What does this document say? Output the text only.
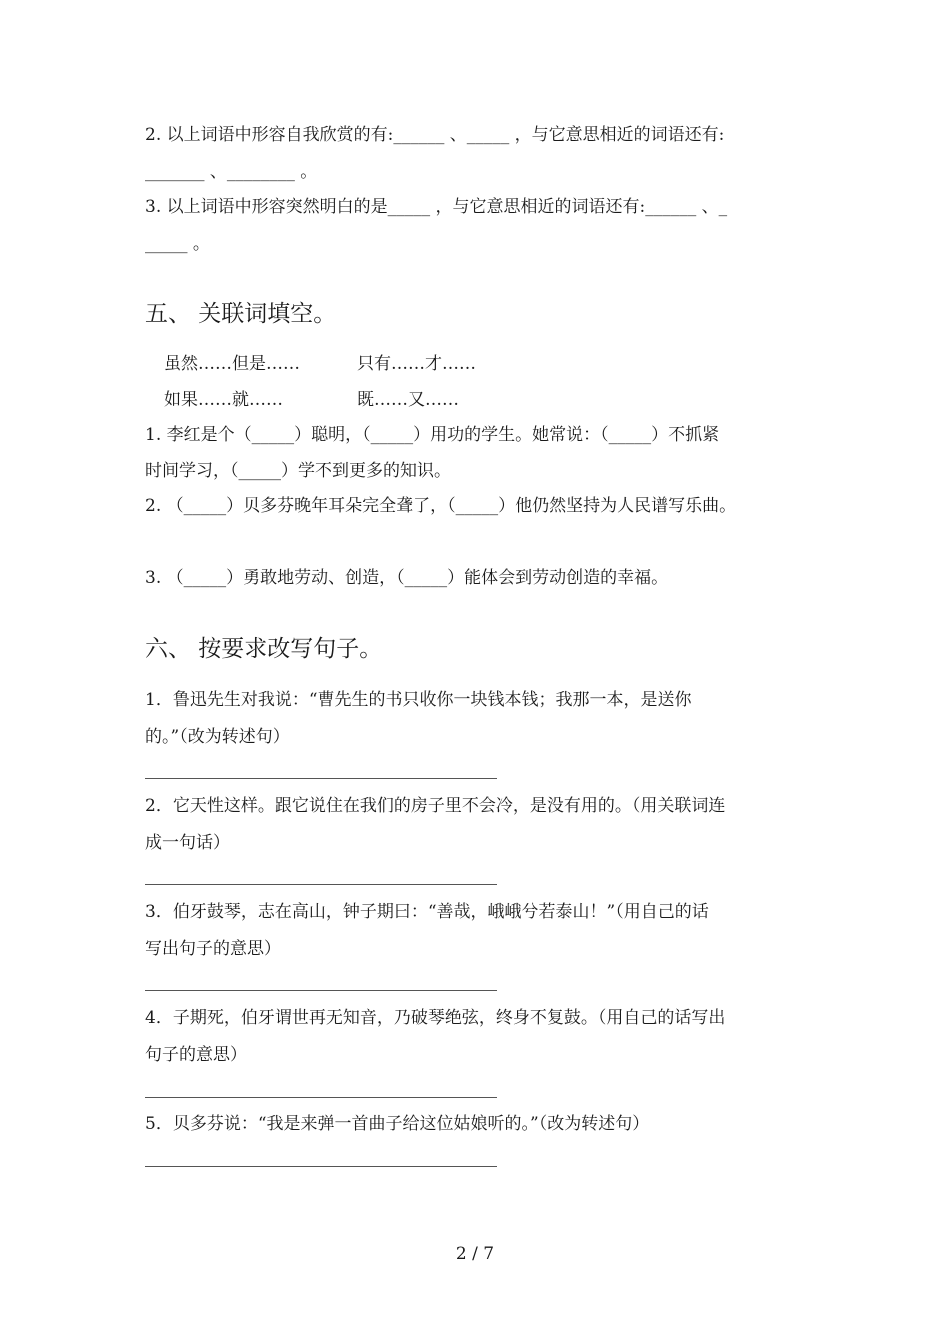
2. 以上词语中形容自我欣赏的有:______ 、_____ ，与它意思相近的词语还有:
_______ 、________ 。
3. 以上词语中形容突然明白的是_____ ，与它意思相近的词语还有:______ 、_
_____ 。
五、 关联词填空。
虽然……但是……	只有……才……
如果……就……	既……又……
1. 李红是个（_____）聪明，（_____）用功的学生。她常说：（_____）不抓紧
时间学习，（_____）学不到更多的知识。
2. （_____）贝多芬晚年耳朵完全聋了，（_____）他仍然坚持为人民谱写乐曲。
3. （_____）勇敢地劳动、创造，（_____）能体会到劳动创造的幸福。
六、 按要求改写句子。
1．鲁迅先生对我说：“曹先生的书只收你一块钱本钱；我那一本，是送你
的。”（改为转述句）
2．它天性这样。跟它说住在我们的房子里不会冷，是没有用的。（用关联词连
成一句话）
3．伯牙鼓琴，志在高山，钟子期曰：“善哉，峨峨兮若泰山！”（用自己的话
写出句子的意思）
4．子期死，伯牙谓世再无知音，乃破琴绝弦，终身不复鼓。（用自己的话写出
句子的意思）
5．贝多芬说：“我是来弹一首曲子给这位姑娘听的。”（改为转述句）
2 / 7
